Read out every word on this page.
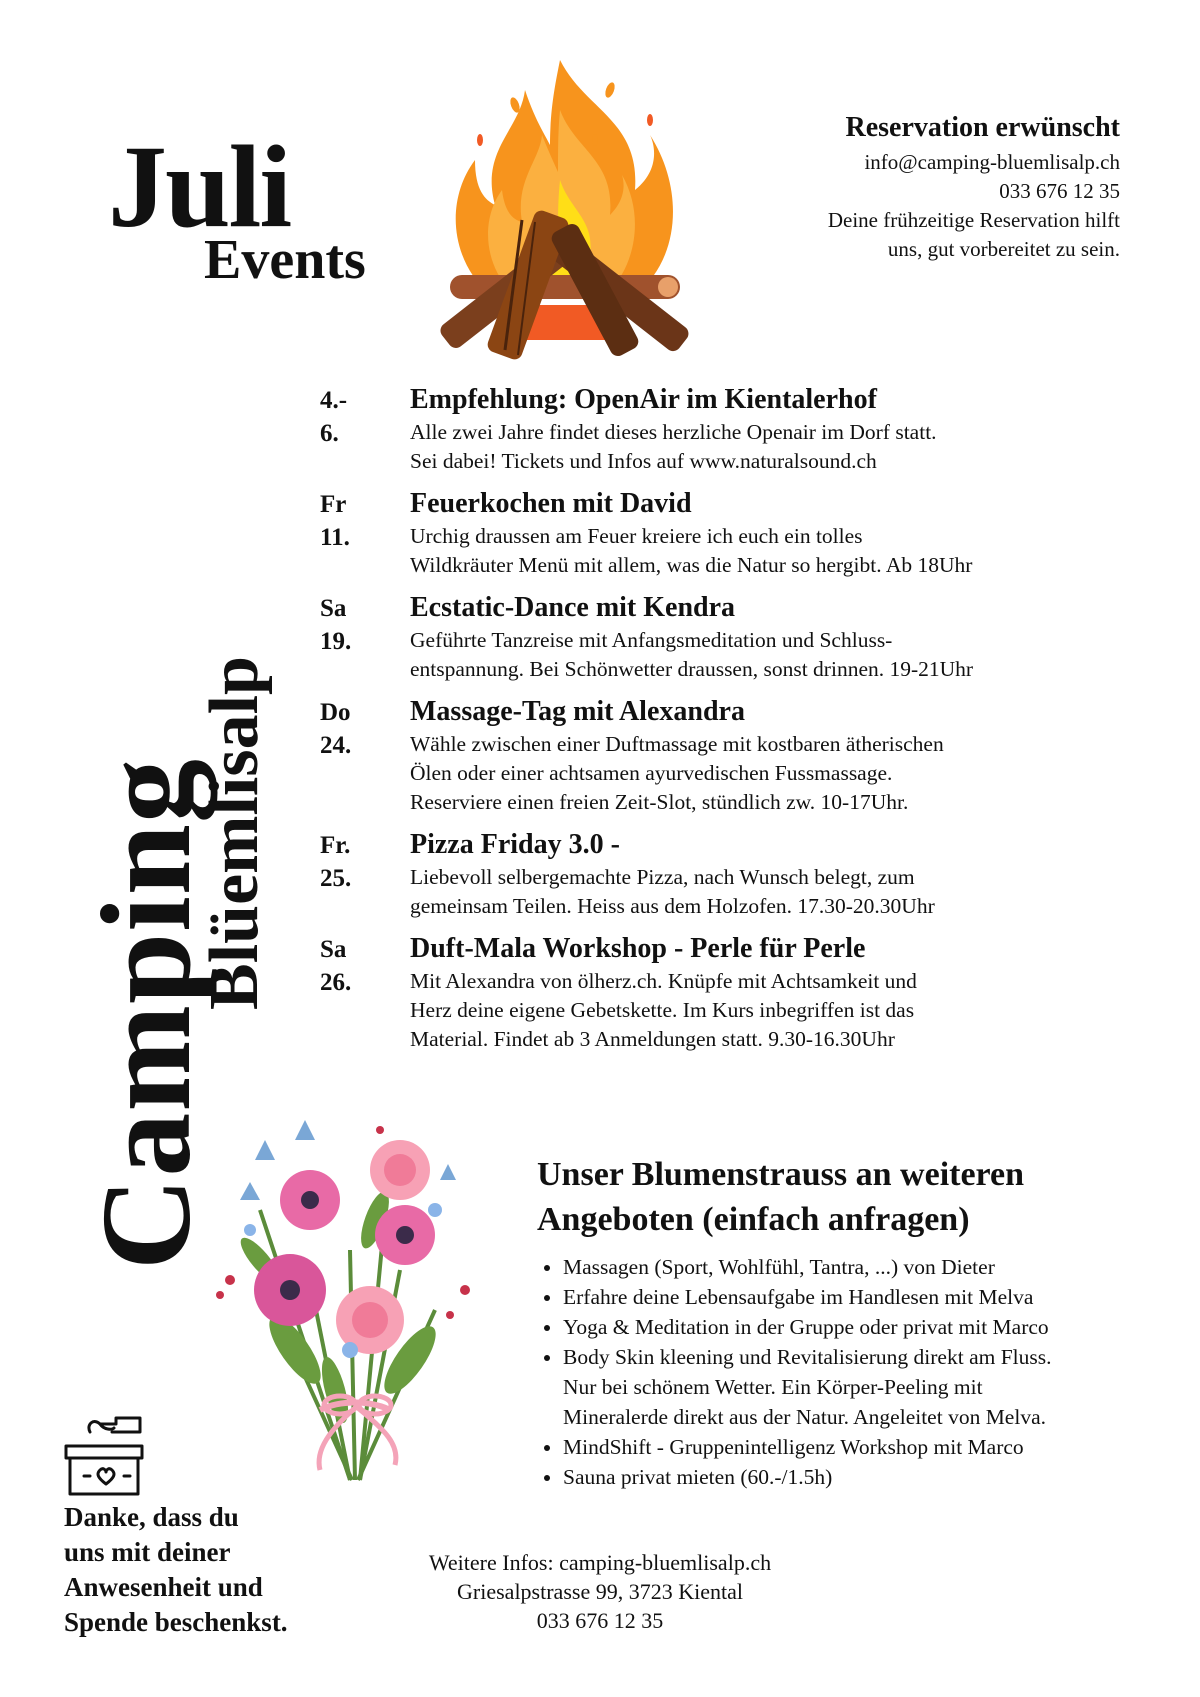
Juli
Events
Reservation erwünscht
info@camping-bluemlisalp.ch
033 676 12 35
Deine frühzeitige Reservation hilft
uns, gut vorbereitet zu sein.
Camping
Blüemlisalp
4.-
6.
Empfehlung: OpenAir im Kientalerhof
Alle zwei Jahre findet dieses herzliche Openair im Dorf statt.
Sei dabei! Tickets und Infos auf www.naturalsound.ch
Fr
11.
Feuerkochen mit David
Urchig draussen am Feuer kreiere ich euch ein tolles
Wildkräuter Menü mit allem, was die Natur so hergibt. Ab 18Uhr
Sa
19.
Ecstatic-Dance mit Kendra
Geführte Tanzreise mit Anfangsmeditation und Schluss-
entspannung. Bei Schönwetter draussen, sonst drinnen. 19-21Uhr
Do
24.
Massage-Tag mit Alexandra
Wähle zwischen einer Duftmassage mit kostbaren ätherischen
Ölen oder einer achtsamen ayurvedischen Fussmassage.
Reserviere einen freien Zeit-Slot, stündlich zw. 10-17Uhr.
Fr.
25.
Pizza Friday 3.0 -
Liebevoll selbergemachte Pizza, nach Wunsch belegt, zum
gemeinsam Teilen. Heiss aus dem Holzofen. 17.30-20.30Uhr
Sa
26.
Duft-Mala Workshop - Perle für Perle
Mit Alexandra von ölherz.ch. Knüpfe mit Achtsamkeit und
Herz deine eigene Gebetskette. Im Kurs inbegriffen ist das
Material. Findet ab 3 Anmeldungen statt. 9.30-16.30Uhr
Unser Blumenstrauss an weiteren
Angeboten (einfach anfragen)
• Massagen (Sport, Wohlfühl, Tantra, ...) von Dieter
• Erfahre deine Lebensaufgabe im Handlesen mit Melva
• Yoga & Meditation in der Gruppe oder privat mit Marco
• Body Skin kleening und Revitalisierung direkt am Fluss.
Nur bei schönem Wetter. Ein Körper-Peeling mit
Mineralerde direkt aus der Natur. Angeleitet von Melva.
• MindShift - Gruppenintelligenz Workshop mit Marco
• Sauna privat mieten (60.-/1.5h)
Danke, dass du
uns mit deiner
Anwesenheit und
Spende beschenkst.
Weitere Infos: camping-bluemlisalp.ch
Griesalpstrasse 99, 3723 Kiental
033 676 12 35
